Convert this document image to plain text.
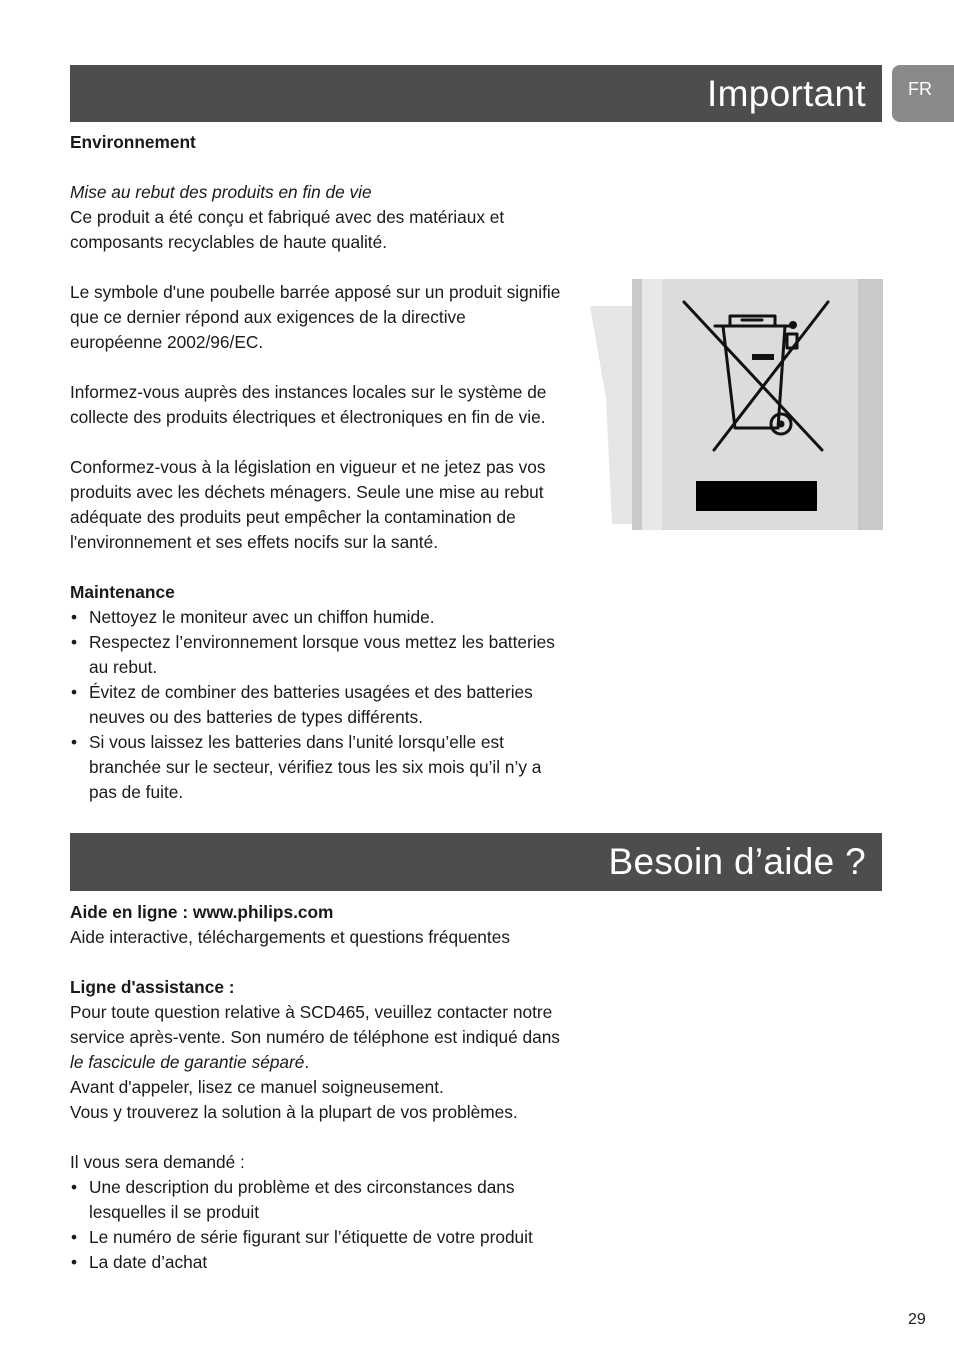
Important	FR

Environnement

Mise au rebut des produits en fin de vie

Ce produit a été conçu et fabriqué avec des matériaux et
composants recyclables de haute qualité.

Le symbole d'une poubelle barrée apposé sur un produit signifie
que ce dernier répond aux exigences de la directive
européenne 2002/96/EC.

Informez-vous auprès des instances locales sur le système de
collecte des produits électriques et électroniques en fin de vie.

Conformez-vous à la législation en vigueur et ne jetez pas vos
produits avec les déchets ménagers. Seule une mise au rebut
adéquate des produits peut empêcher la contamination de
l'environnement et ses effets nocifs sur la santé.

Maintenance

• Nettoyez le moniteur avec un chiffon humide.
• Respectez l’environnement lorsque vous mettez les batteries
au rebut.
• Évitez de combiner des batteries usagées et des batteries
neuves ou des batteries de types différents.
• Si vous laissez les batteries dans l’unité lorsqu’elle est
branchée sur le secteur, vérifiez tous les six mois qu’il n’y a
pas de fuite.
Besoin d’aide ?

Aide en ligne : www.philips.com

Aide interactive, téléchargements et questions fréquentes

Ligne d'assistance :

Pour toute question relative à SCD465, veuillez contacter notre
service après-vente. Son numéro de téléphone est indiqué dans
le fascicule de garantie séparé.
Avant d'appeler, lisez ce manuel soigneusement.
Vous y trouverez la solution à la plupart de vos problèmes.

Il vous sera demandé :

• Une description du problème et des circonstances dans
lesquelles il se produit
• Le numéro de série figurant sur l’étiquette de votre produit
• La date d’achat
29
